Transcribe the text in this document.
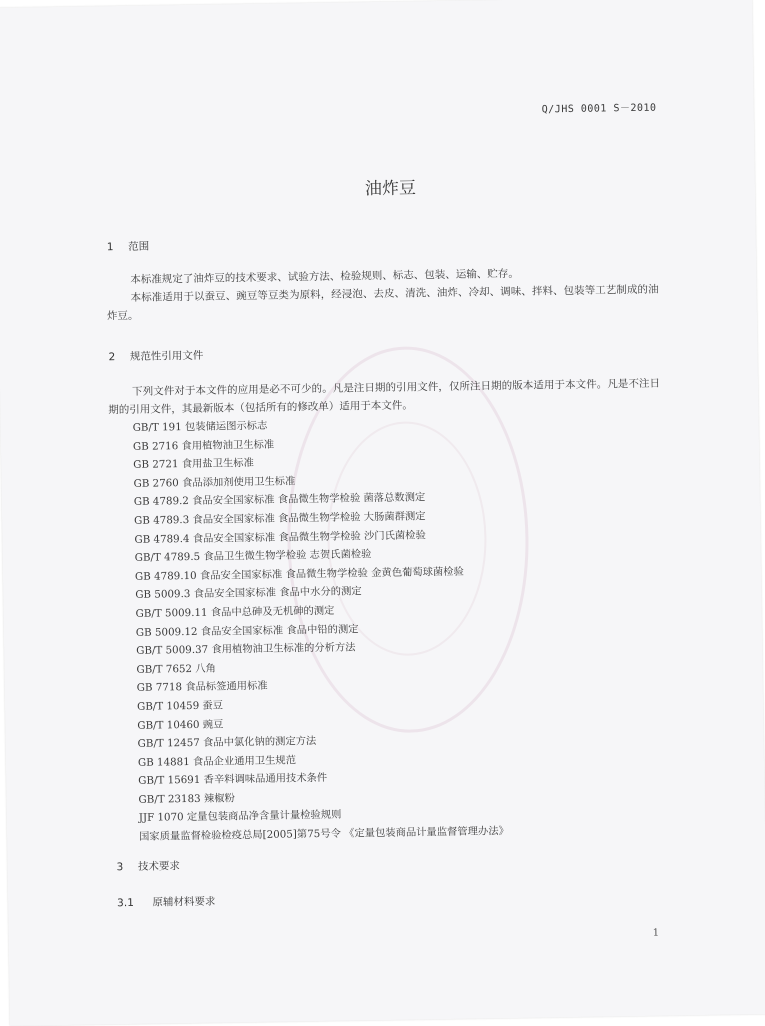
Q/JHS 0001 S－2010
油炸豆
1 范围

本标准规定了油炸豆的技术要求、试验方法、检验规则、标志、包装、运输、贮存。

本标准适用于以蚕豆、豌豆等豆类为原料，经浸泡、去皮、清洗、油炸、冷却、调味、拌料、包装等工艺制成的油炸豆。

2 规范性引用文件

下列文件对于本文件的应用是必不可少的。凡是注日期的引用文件，仅所注日期的版本适用于本文件。凡是不注日期的引用文件，其最新版本（包括所有的修改单）适用于本文件。

GB/T 191 包装储运图示标志
GB 2716 食用植物油卫生标准
GB 2721 食用盐卫生标准
GB 2760 食品添加剂使用卫生标准
GB 4789.2 食品安全国家标准 食品微生物学检验 菌落总数测定
GB 4789.3 食品安全国家标准 食品微生物学检验 大肠菌群测定
GB 4789.4 食品安全国家标准 食品微生物学检验 沙门氏菌检验
GB/T 4789.5 食品卫生微生物学检验 志贺氏菌检验
GB 4789.10 食品安全国家标准 食品微生物学检验 金黄色葡萄球菌检验
GB 5009.3 食品安全国家标准 食品中水分的测定
GB/T 5009.11 食品中总砷及无机砷的测定
GB 5009.12 食品安全国家标准 食品中铅的测定
GB/T 5009.37 食用植物油卫生标准的分析方法
GB/T 7652 八角
GB 7718 食品标签通用标准
GB/T 10459 蚕豆
GB/T 10460 豌豆
GB/T 12457 食品中氯化钠的测定方法
GB 14881 食品企业通用卫生规范
GB/T 15691 香辛料调味品通用技术条件
GB/T 23183 辣椒粉
JJF 1070 定量包装商品净含量计量检验规则
国家质量监督检验检疫总局[2005]第75号令 《定量包装商品计量监督管理办法》
3 技术要求
3.1 原辅材料要求
1
